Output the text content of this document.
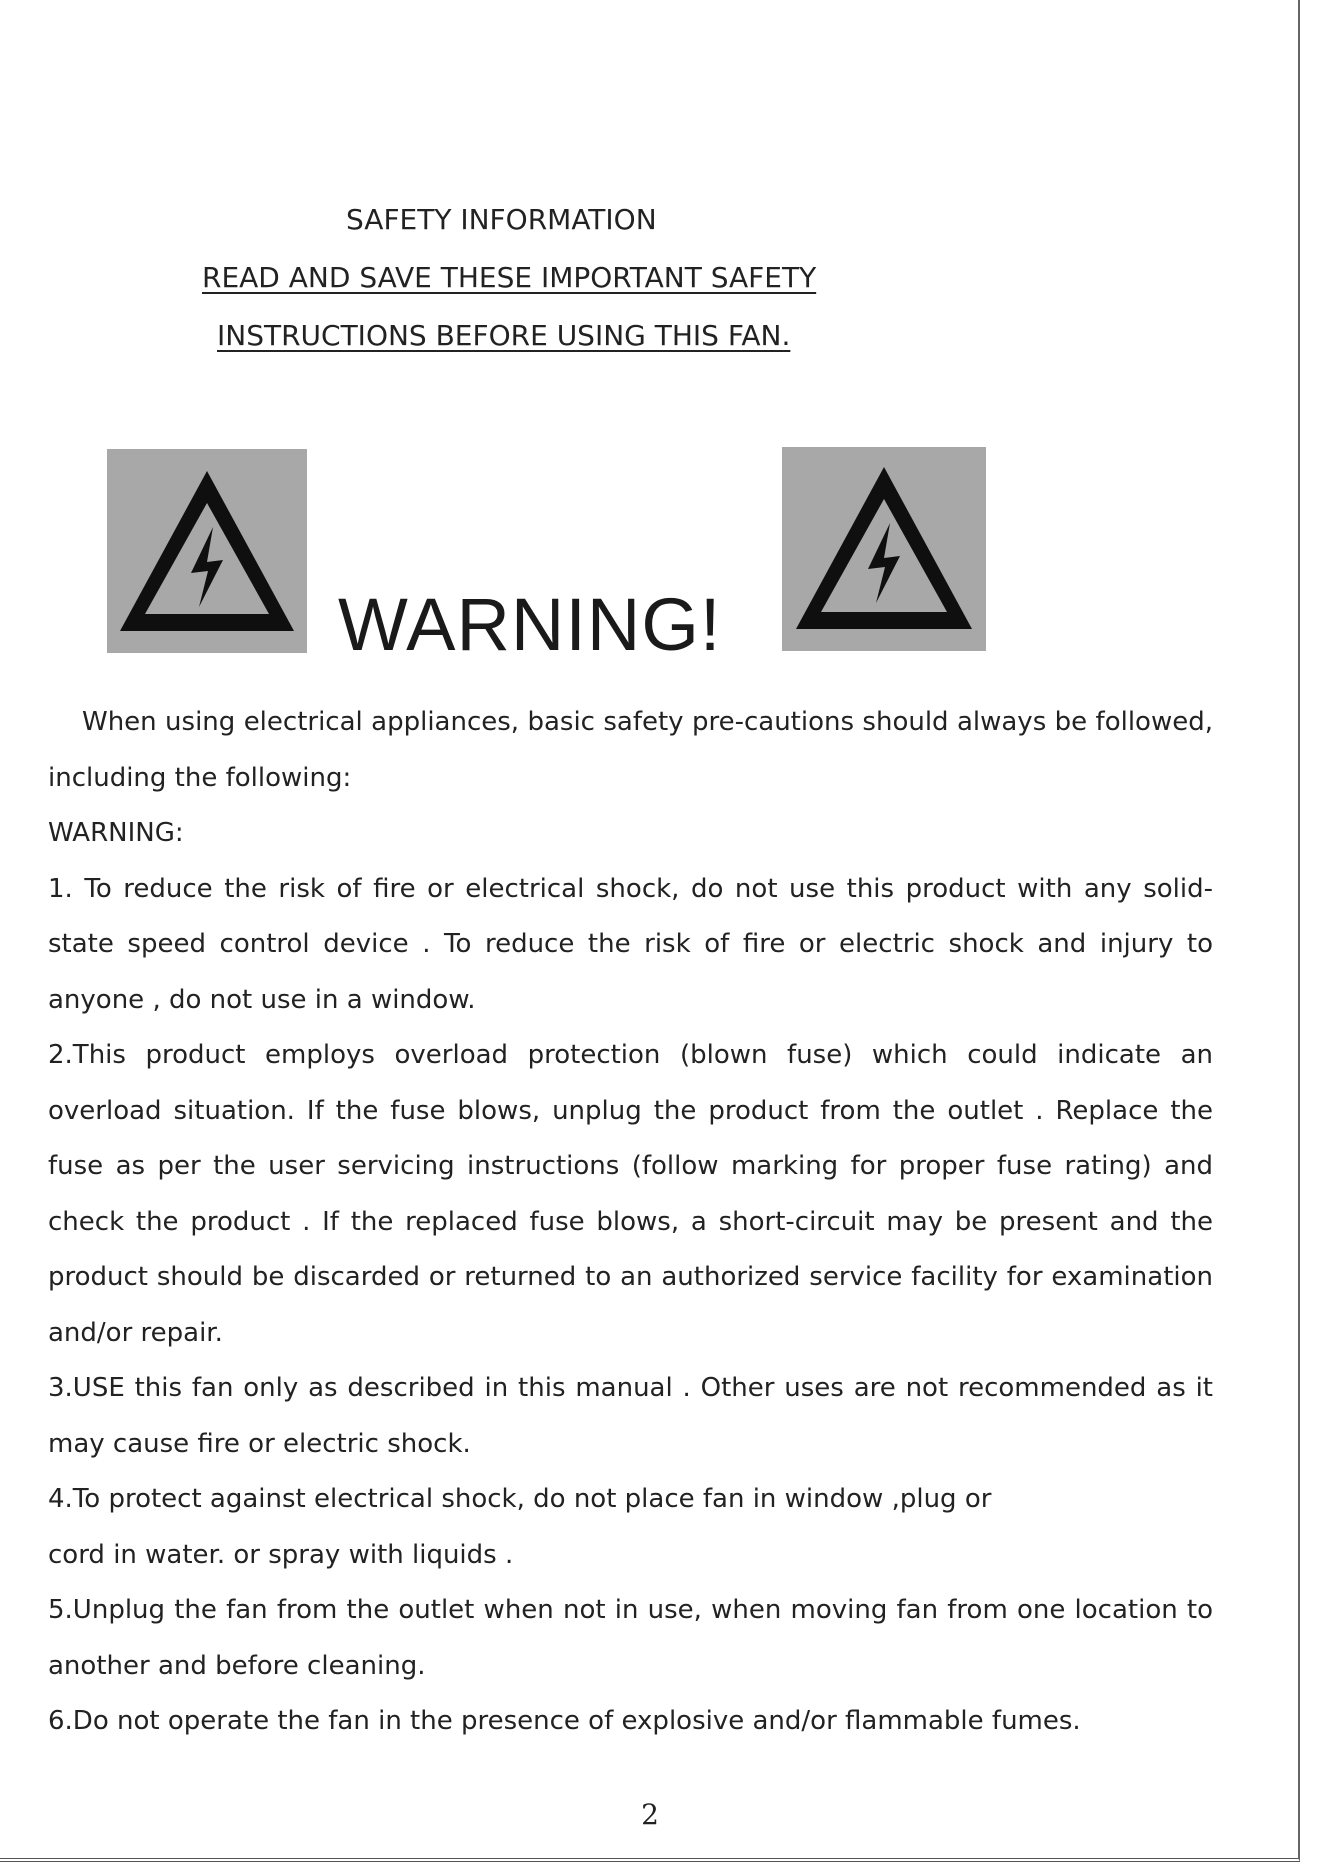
SAFETY INFORMATION
READ AND SAVE THESE IMPORTANT SAFETY
INSTRUCTIONS BEFORE USING THIS FAN.
WARNING!

When using electrical appliances, basic safety pre-cautions should always be followed, including the following:

WARNING:

1. To reduce the risk of fire or electrical shock, do not use this product with any solid-state speed control device . To reduce the risk of fire or electric shock and injury to anyone , do not use in a window.

2.This product employs overload protection (blown fuse) which could indicate an overload situation. If the fuse blows, unplug the product from the outlet . Replace the fuse as per the user servicing instructions (follow marking for proper fuse rating) and check the product . If the replaced fuse blows, a short-circuit may be present and the product should be discarded or returned to an authorized service facility for examination and/or repair.

3.USE this fan only as described in this manual . Other uses are not recommended as it may cause fire or electric shock.

4.To protect against electrical shock, do not place fan in window ,plug or

cord in water. or spray with liquids .

5.Unplug the fan from the outlet when not in use, when moving fan from one location to another and before cleaning.

6.Do not operate the fan in the presence of explosive and/or flammable fumes.

2
